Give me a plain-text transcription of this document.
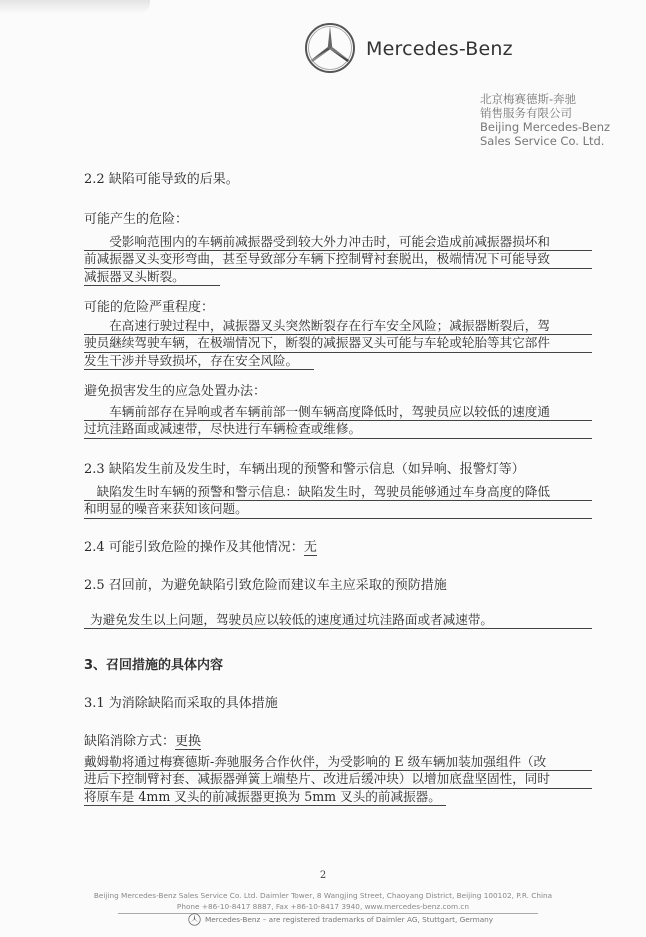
Mercedes-Benz
北京梅赛德斯-奔驰
销售服务有限公司
Beijing Mercedes-Benz
Sales Service Co. Ltd.
2.2 缺陷可能导致的后果。
可能产生的危险：
　　受影响范围内的车辆前减振器受到较大外力冲击时，可能会造成前减振器损坏和
前减振器叉头变形弯曲，甚至导致部分车辆下控制臂衬套脱出，极端情况下可能导致
减振器叉头断裂。
可能的危险严重程度：
　　在高速行驶过程中，减振器叉头突然断裂存在行车安全风险；减振器断裂后，驾
驶员継续驾驶车辆，在极端情况下，断裂的减振器叉头可能与车轮或轮胎等其它部件
发生干涉并导致损坏，存在安全风险。
避免损害发生的应急处置办法：
　　车辆前部存在异响或者车辆前部一侧车辆高度降低时，驾驶员应以较低的速度通
过坑洼路面或减速带，尽快进行车辆检查或维修。
2.3 缺陷发生前及发生时，车辆出现的预警和警示信息（如异响、报警灯等）
　缺陷发生时车辆的预警和警示信息：缺陷发生时，驾驶员能够通过车身高度的降低
和明显的噪音来获知该问题。
2.4 可能引致危险的操作及其他情况：无
2.5 召回前，为避免缺陷引致危险而建议车主应采取的预防措施
为避免发生以上问题，驾驶员应以较低的速度通过坑洼路面或者减速带。
3、召回措施的具体内容
3.1 为消除缺陷而采取的具体措施
缺陷消除方式：更换
戴姆勒将通过梅赛德斯-奔驰服务合作伙伴，为受影响的 E 级车辆加装加强组件（改
进后下控制臂衬套、减振器弹簧上端垫片、改进后缓冲块）以增加底盘坚固性，同时
将原车是 4mm 叉头的前减振器更换为 5mm 叉头的前减振器。
2
Beijing Mercedes-Benz Sales Service Co. Ltd. Daimler Tower, 8 Wangjing Street, Chaoyang District, Beijing 100102, P.R. China
Phone +86-10-8417 8887, Fax +86-10-8417 3940, www.mercedes-benz.com.cn
Mercedes-Benz – are registered trademarks of Daimler AG, Stuttgart, Germany
